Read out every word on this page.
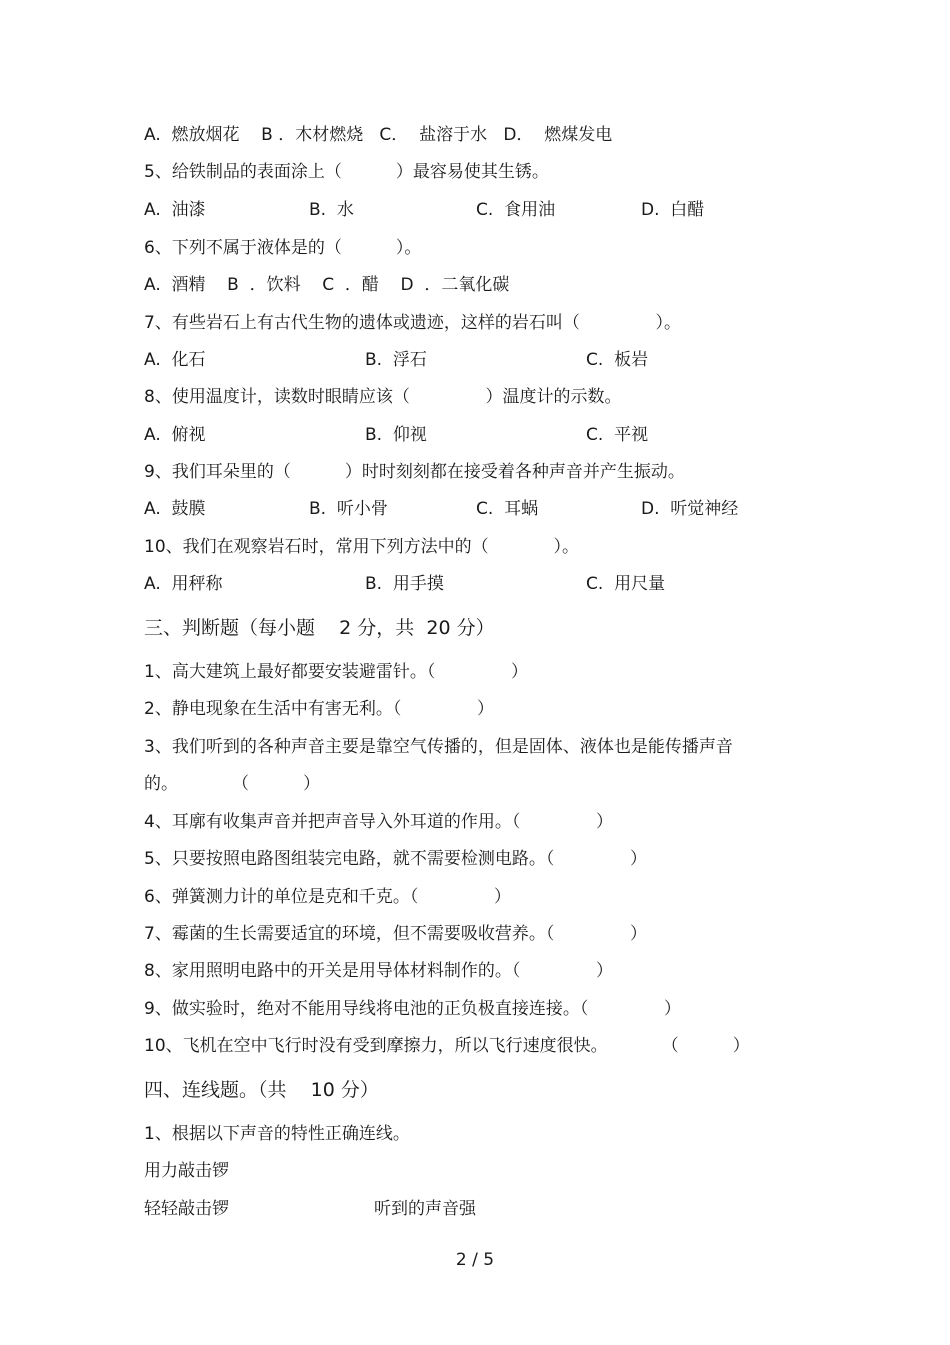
A.  燃放烟花    B ．木材燃烧   C．  盐溶于水   D．  燃煤发电
5、给铁制品的表面涂上（          ）最容易使其生锈。
A.  油漆	B.  水	C.  食用油	D.  白醋
6、下列不属于液体是的（          ）。
A.  酒精    B  ．饮料    C  ．醋    D  ．二氧化碳
7、有些岩石上有古代生物的遗体或遗迹，这样的岩石叫（              ）。
A.  化石	B.  浮石	C.  板岩
8、使用温度计，读数时眼睛应该（              ）温度计的示数。
A.  俯视	B.  仰视	C.  平视
9、我们耳朵里的（          ）时时刻刻都在接受着各种声音并产生振动。
A.  鼓膜	B.  听小骨	C.  耳蜗	D.  听觉神经
10、我们在观察岩石时，常用下列方法中的（            ）。
A.  用秤称	B.  用手摸	C.  用尺量
三、判断题（每小题    2 分，共  20 分）
1、高大建筑上最好都要安装避雷针。（              ）
2、静电现象在生活中有害无利。（              ）
3、我们听到的各种声音主要是靠空气传播的，但是固体、液体也是能传播声音
的。          （          ）
4、耳廓有收集声音并把声音导入外耳道的作用。（              ）
5、只要按照电路图组装完电路，就不需要检测电路。（              ）
6、弹簧测力计的单位是克和千克。（              ）
7、霉菌的生长需要适宜的环境，但不需要吸收营养。（              ）
8、家用照明电路中的开关是用导体材料制作的。（              ）
9、做实验时，绝对不能用导线将电池的正负极直接连接。（              ）
10、飞机在空中飞行时没有受到摩擦力，所以飞行速度很快。          （          ）
四、连线题。（共    10 分）
1、根据以下声音的特性正确连线。
用力敲击锣
轻轻敲击锣	听到的声音强
2 / 5
